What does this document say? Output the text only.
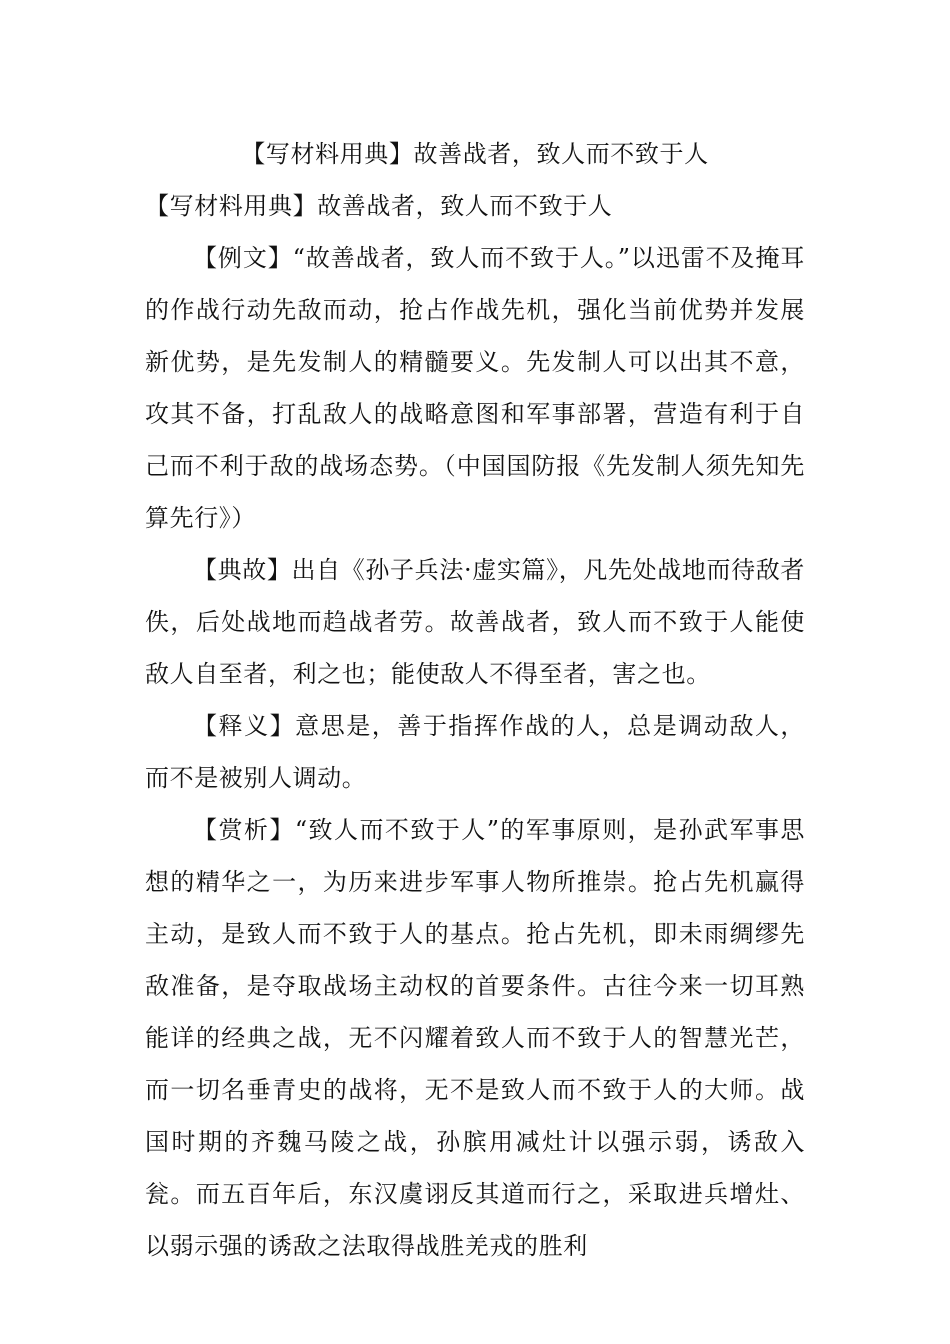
【写材料用典】故善战者，致人而不致于人

【写材料用典】故善战者，致人而不致于人

【例文】“故善战者，致人而不致于人。”以迅雷不及掩耳的作战行动先敌而动，抢占作战先机，强化当前优势并发展新优势，是先发制人的精髓要义。先发制人可以出其不意，攻其不备，打乱敌人的战略意图和军事部署，营造有利于自己而不利于敌的战场态势。（中国国防报《先发制人须先知先算先行》）

【典故】出自《孙子兵法·虚实篇》，凡先处战地而待敌者佚，后处战地而趋战者劳。故善战者，致人而不致于人能使敌人自至者，利之也；能使敌人不得至者，害之也。

【释义】意思是，善于指挥作战的人，总是调动敌人，而不是被别人调动。

【赏析】“致人而不致于人”的军事原则，是孙武军事思想的精华之一，为历来进步军事人物所推崇。抢占先机赢得主动，是致人而不致于人的基点。抢占先机，即未雨绸缪先敌准备，是夺取战场主动权的首要条件。古往今来一切耳熟能详的经典之战，无不闪耀着致人而不致于人的智慧光芒，而一切名垂青史的战将，无不是致人而不致于人的大师。战国时期的齐魏马陵之战，孙膑用减灶计以强示弱，诱敌入瓮。而五百年后，东汉虞诩反其道而行之，采取进兵增灶、以弱示强的诱敌之法取得战胜羌戎的胜利
